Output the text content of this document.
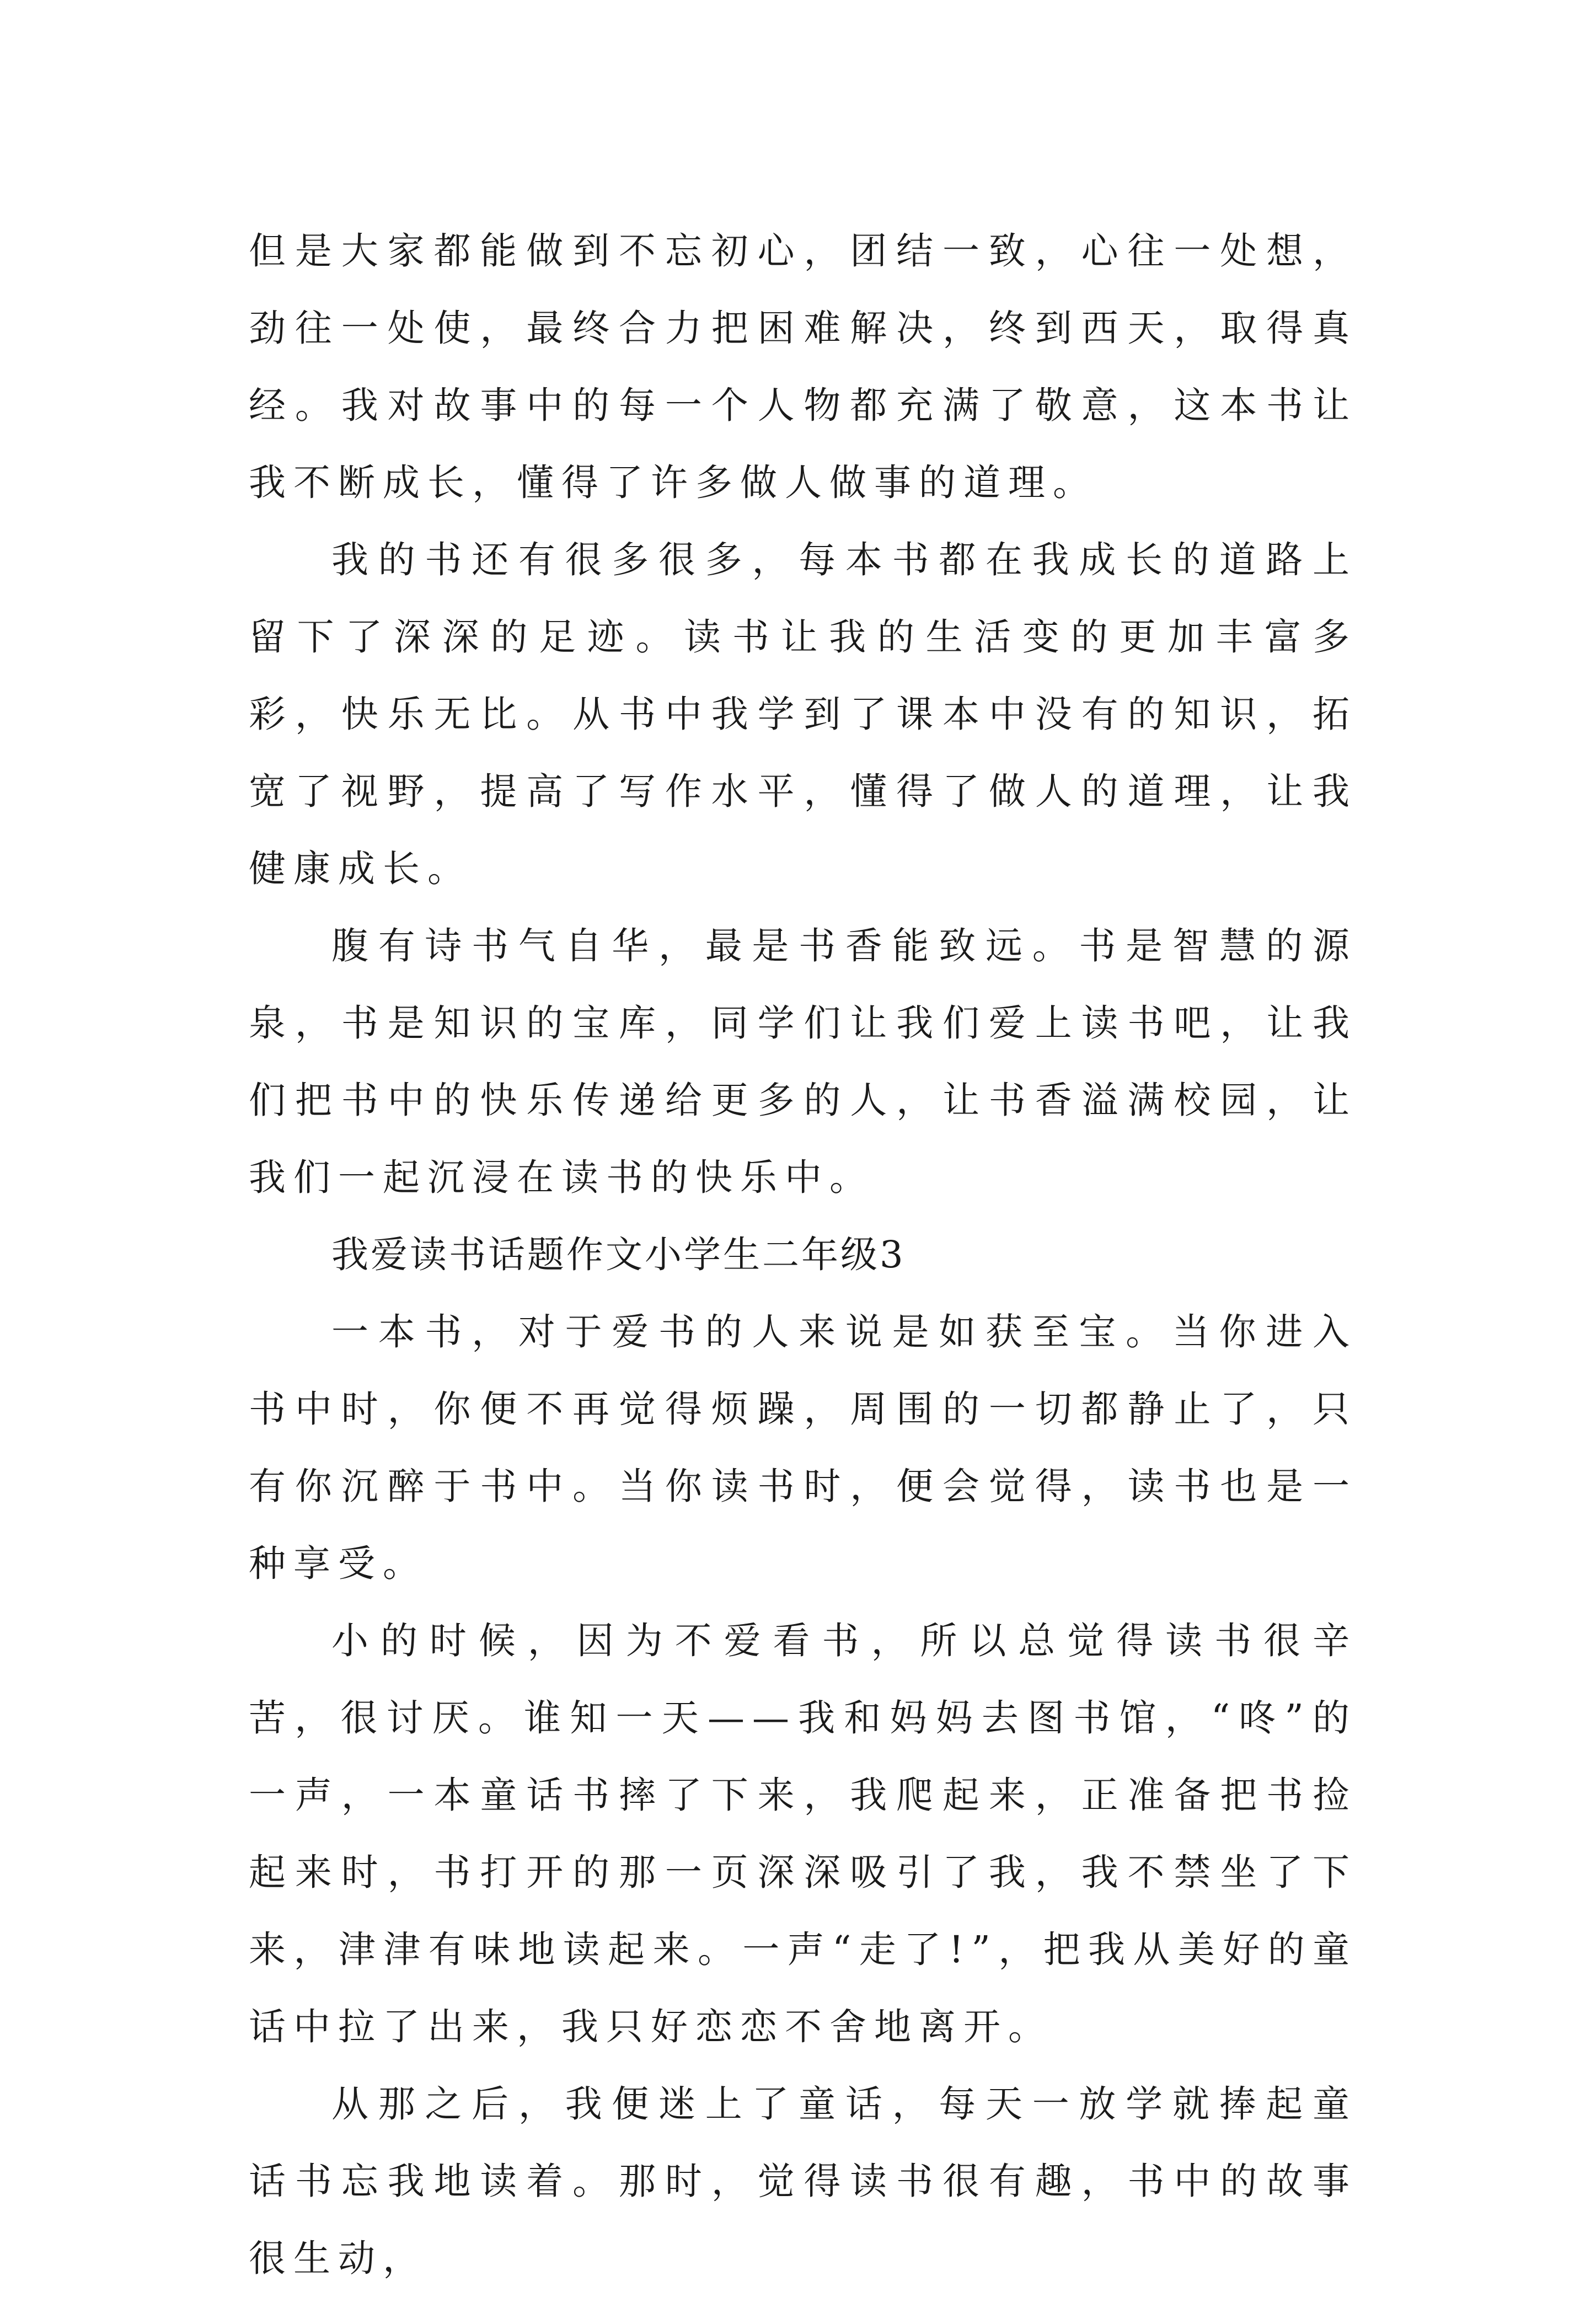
但是大家都能做到不忘初心，团结一致，心往一处想，劲往一处使，最终合力把困难解决，终到西天，取得真经。我对故事中的每一个人物都充满了敬意，这本书让我不断成长，懂得了许多做人做事的道理。

我的书还有很多很多，每本书都在我成长的道路上留下了深深的足迹。读书让我的生活变的更加丰富多彩，快乐无比。从书中我学到了课本中没有的知识，拓宽了视野，提高了写作水平，懂得了做人的道理，让我健康成长。

腹有诗书气自华，最是书香能致远。书是智慧的源泉，书是知识的宝库，同学们让我们爱上读书吧，让我们把书中的快乐传递给更多的人，让书香溢满校园，让我们一起沉浸在读书的快乐中。

我爱读书话题作文小学生二年级3

一本书，对于爱书的人来说是如获至宝。当你进入书中时，你便不再觉得烦躁，周围的一切都静止了，只有你沉醉于书中。当你读书时，便会觉得，读书也是一种享受。

小的时候，因为不爱看书，所以总觉得读书很辛苦，很讨厌。谁知一天——我和妈妈去图书馆，“咚”的一声，一本童话书摔了下来，我爬起来，正准备把书捡起来时，书打开的那一页深深吸引了我，我不禁坐了下来，津津有味地读起来。一声“走了!”，把我从美好的童话中拉了出来，我只好恋恋不舍地离开。

从那之后，我便迷上了童话，每天一放学就捧起童话书忘我地读着。那时，觉得读书很有趣，书中的故事很生动，
